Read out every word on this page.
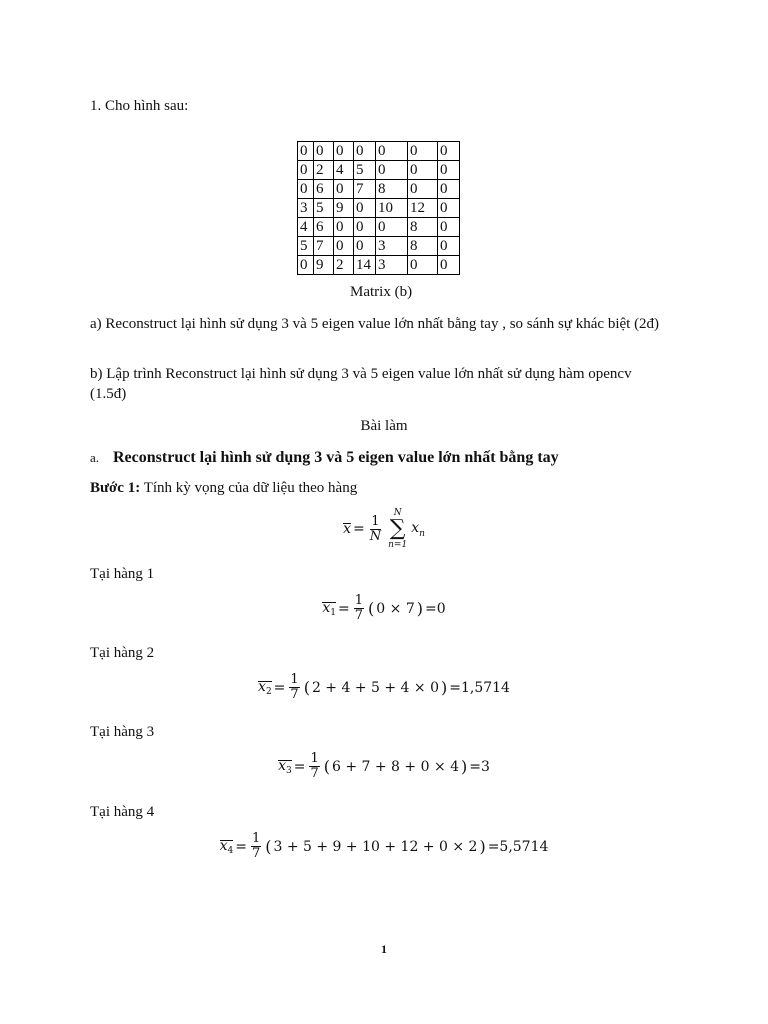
1. Cho hình sau:
0	0	0	0	0	0	0
0	2	4	5	0	0	0
0	6	0	7	8	0	0
3	5	9	0	10	12	0
4	6	0	0	0	8	0
5	7	0	0	3	8	0
0	9	2	14	3	0	0
Matrix (b)
a) Reconstruct lại hình sử dụng 3 và 5 eigen value lớn nhất bằng tay , so sánh sự khác biệt (2đ)
b) Lập trình Reconstruct lại hình sử dụng 3 và 5 eigen value lớn nhất sử dụng hàm opencv (1.5đ)
Bài làm
a. Reconstruct lại hình sử dụng 3 và 5 eigen value lớn nhất bằng tay
Bước 1: Tính kỳ vọng của dữ liệu theo hàng
$x = \frac{1}{N}$
N
∑
n=1
$x_n$
Tại hàng 1
$x_1 = \frac{1}{7}$ ( 0 × 7 ) =0
Tại hàng 2
$x_2 = \frac{1}{7}$ ( 2 + 4 + 5 + 4 × 0 ) =1,5714
Tại hàng 3
$x_3 = \frac{1}{7}$ ( 6 + 7 + 8 + 0 × 4 ) =3
Tại hàng 4
$x_4 = \frac{1}{7}$ ( 3 + 5 + 9 + 10 + 12 + 0 × 2 ) =5,5714
1
